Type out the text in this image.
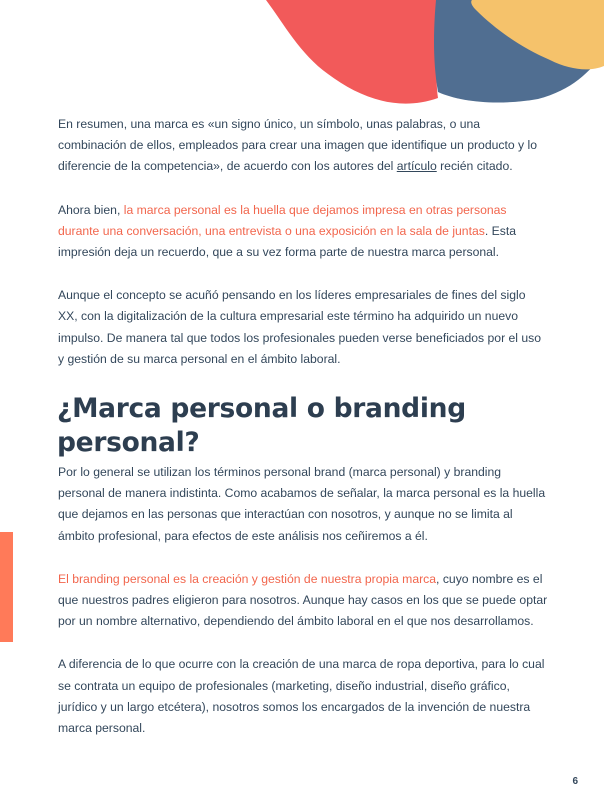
En resumen, una marca es «un signo único, un símbolo, unas palabras, o una combinación de ellos, empleados para crear una imagen que identifique un producto y lo diferencie de la competencia», de acuerdo con los autores del artículo recién citado.

Ahora bien, la marca personal es la huella que dejamos impresa en otras personas durante una conversación, una entrevista o una exposición en la sala de juntas. Esta impresión deja un recuerdo, que a su vez forma parte de nuestra marca personal.

Aunque el concepto se acuñó pensando en los líderes empresariales de fines del siglo XX, con la digitalización de la cultura empresarial este término ha adquirido un nuevo impulso. De manera tal que todos los profesionales pueden verse beneficiados por el uso y gestión de su marca personal en el ámbito laboral.

¿Marca personal o branding personal?

Por lo general se utilizan los términos personal brand (marca personal) y branding personal de manera indistinta. Como acabamos de señalar, la marca personal es la huella que dejamos en las personas que interactúan con nosotros, y aunque no se limita al ámbito profesional, para efectos de este análisis nos ceñiremos a él.

El branding personal es la creación y gestión de nuestra propia marca, cuyo nombre es el que nuestros padres eligieron para nosotros. Aunque hay casos en los que se puede optar por un nombre alternativo, dependiendo del ámbito laboral en el que nos desarrollamos.

A diferencia de lo que ocurre con la creación de una marca de ropa deportiva, para lo cual se contrata un equipo de profesionales (marketing, diseño industrial, diseño gráfico, jurídico y un largo etcétera), nosotros somos los encargados de la invención de nuestra marca personal.

6
